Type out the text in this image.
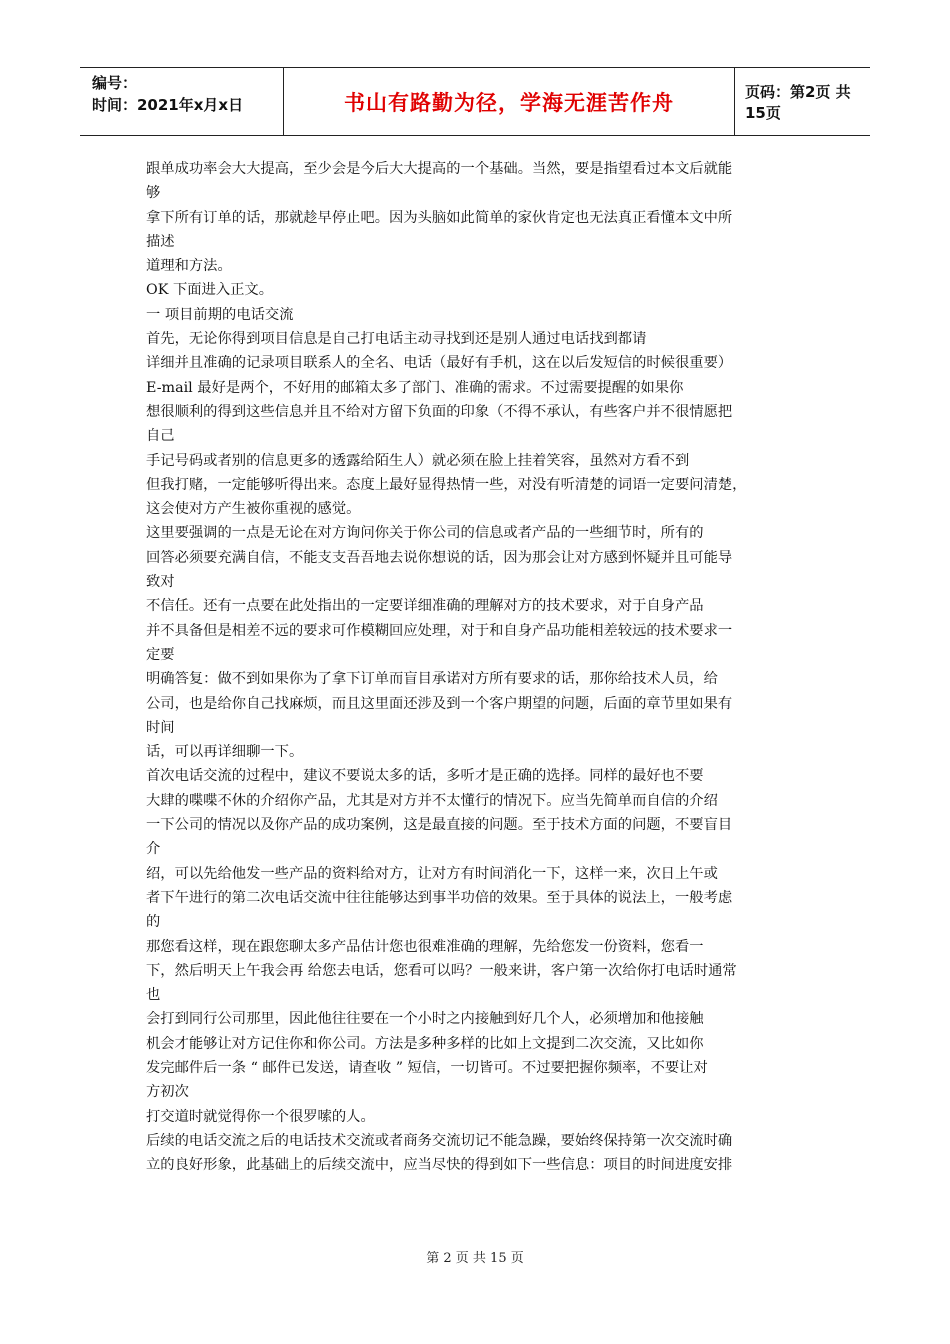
编号：
时间：2021年x月x日	书山有路勤为径，学海无涯苦作舟	页码：第2页 共15页
跟单成功率会大大提高，至少会是今后大大提高的一个基础。当然，要是指望看过本文后就能
够
拿下所有订单的话，那就趁早停止吧。因为头脑如此简单的家伙肯定也无法真正看懂本文中所
描述
道理和方法。
OK 下面进入正文。
一 项目前期的电话交流
首先，无论你得到项目信息是自己打电话主动寻找到还是别人通过电话找到都请
详细并且准确的记录项目联系人的全名、电话（最好有手机，这在以后发短信的时候很重要）
E-mail 最好是两个，不好用的邮箱太多了部门、准确的需求。不过需要提醒的如果你
想很顺利的得到这些信息并且不给对方留下负面的印象（不得不承认，有些客户并不很情愿把
自己
手记号码或者别的信息更多的透露给陌生人）就必须在脸上挂着笑容，虽然对方看不到
但我打赌，一定能够听得出来。态度上最好显得热情一些，对没有听清楚的词语一定要问清楚，
这会使对方产生被你重视的感觉。
这里要强调的一点是无论在对方询问你关于你公司的信息或者产品的一些细节时，所有的
回答必须要充满自信，不能支支吾吾地去说你想说的话，因为那会让对方感到怀疑并且可能导
致对
不信任。还有一点要在此处指出的一定要详细准确的理解对方的技术要求，对于自身产品
并不具备但是相差不远的要求可作模糊回应处理，对于和自身产品功能相差较远的技术要求一
定要
明确答复：做不到如果你为了拿下订单而盲目承诺对方所有要求的话，那你给技术人员，给
公司，也是给你自己找麻烦，而且这里面还涉及到一个客户期望的问题，后面的章节里如果有
时间
话，可以再详细聊一下。
首次电话交流的过程中，建议不要说太多的话，多听才是正确的选择。同样的最好也不要
大肆的喋喋不休的介绍你产品，尤其是对方并不太懂行的情况下。应当先简单而自信的介绍
一下公司的情况以及你产品的成功案例，这是最直接的问题。至于技术方面的问题，不要盲目
介
绍，可以先给他发一些产品的资料给对方，让对方有时间消化一下，这样一来，次日上午或
者下午进行的第二次电话交流中往往能够达到事半功倍的效果。至于具体的说法上，一般考虑
的
那您看这样，现在跟您聊太多产品估计您也很难准确的理解，先给您发一份资料，您看一
下，然后明天上午我会再 给您去电话，您看可以吗？一般来讲，客户第一次给你打电话时通常
也
会打到同行公司那里，因此他往往要在一个小时之内接触到好几个人，必须增加和他接触
机会才能够让对方记住你和你公司。方法是多种多样的比如上文提到二次交流，又比如你
发完邮件后一条 “ 邮件已发送，请查收 ” 短信，一切皆可。不过要把握你频率，不要让对
方初次
打交道时就觉得你一个很罗嗦的人。
后续的电话交流之后的电话技术交流或者商务交流切记不能急躁，要始终保持第一次交流时确
立的良好形象，此基础上的后续交流中，应当尽快的得到如下一些信息：项目的时间进度安排
第 2 页 共 15 页
